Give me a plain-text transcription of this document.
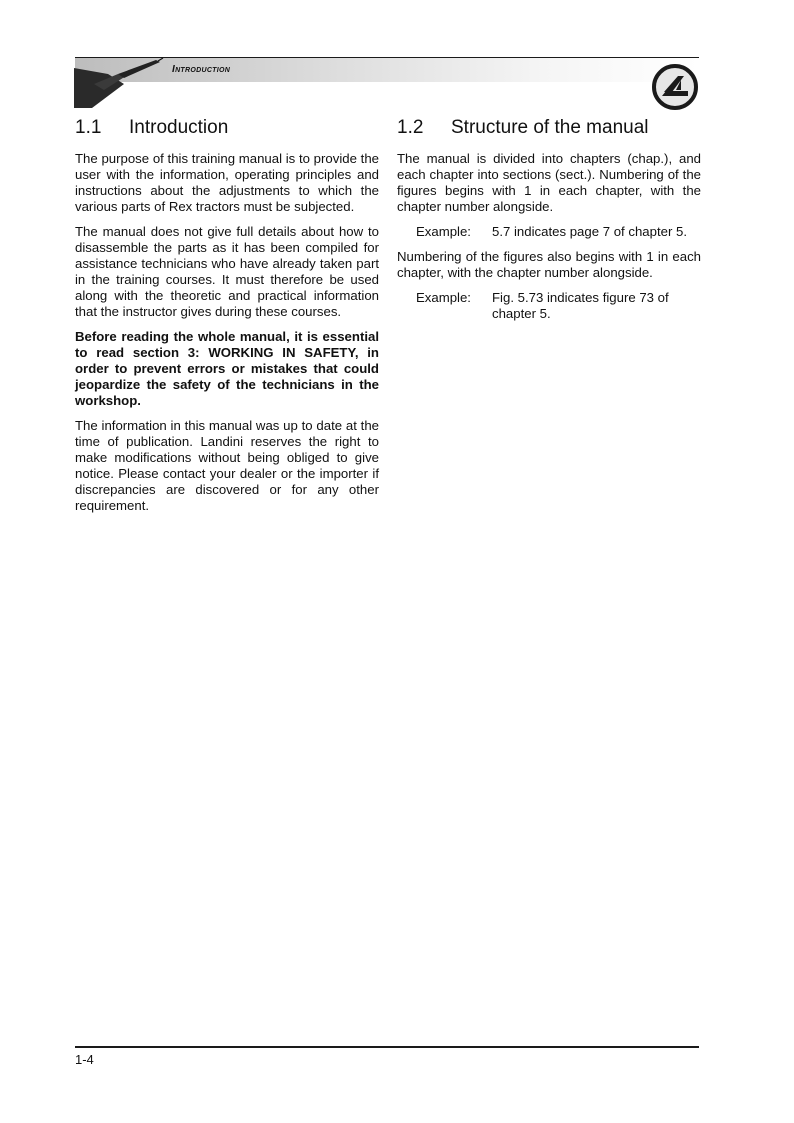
Introduction
1.1	Introduction

The purpose of this training manual is to provide the user with the information, operating principles and instructions about the adjustments to which the various parts of Rex tractors must be subjected.

The manual does not give full details about how to disassemble the parts as it has been compiled for assistance technicians who have already taken part in the training courses. It must therefore be used along with the theoretic and practical information that the instructor gives during these courses.

Before reading the whole manual, it is essential to read section 3: WORKING IN SAFETY, in order to prevent errors or mistakes that could jeopardize the safety of the technicians in the workshop.

The information in this manual was up to date at the time of publication. Landini reserves the right to make modifications without being obliged to give notice. Please contact your dealer or the importer if discrepancies are discovered or for any other requirement.

1.2	Structure of the manual

The manual is divided into chapters (chap.), and each chapter into sections (sect.). Numbering of the figures begins with 1 in each chapter, with the chapter number alongside.

Example:	5.7 indicates page 7 of chapter 5.

Numbering of the figures also begins with 1 in each chapter, with the chapter number alongside.

Example:	Fig. 5.73 indicates figure 73 of chapter 5.
1-4
